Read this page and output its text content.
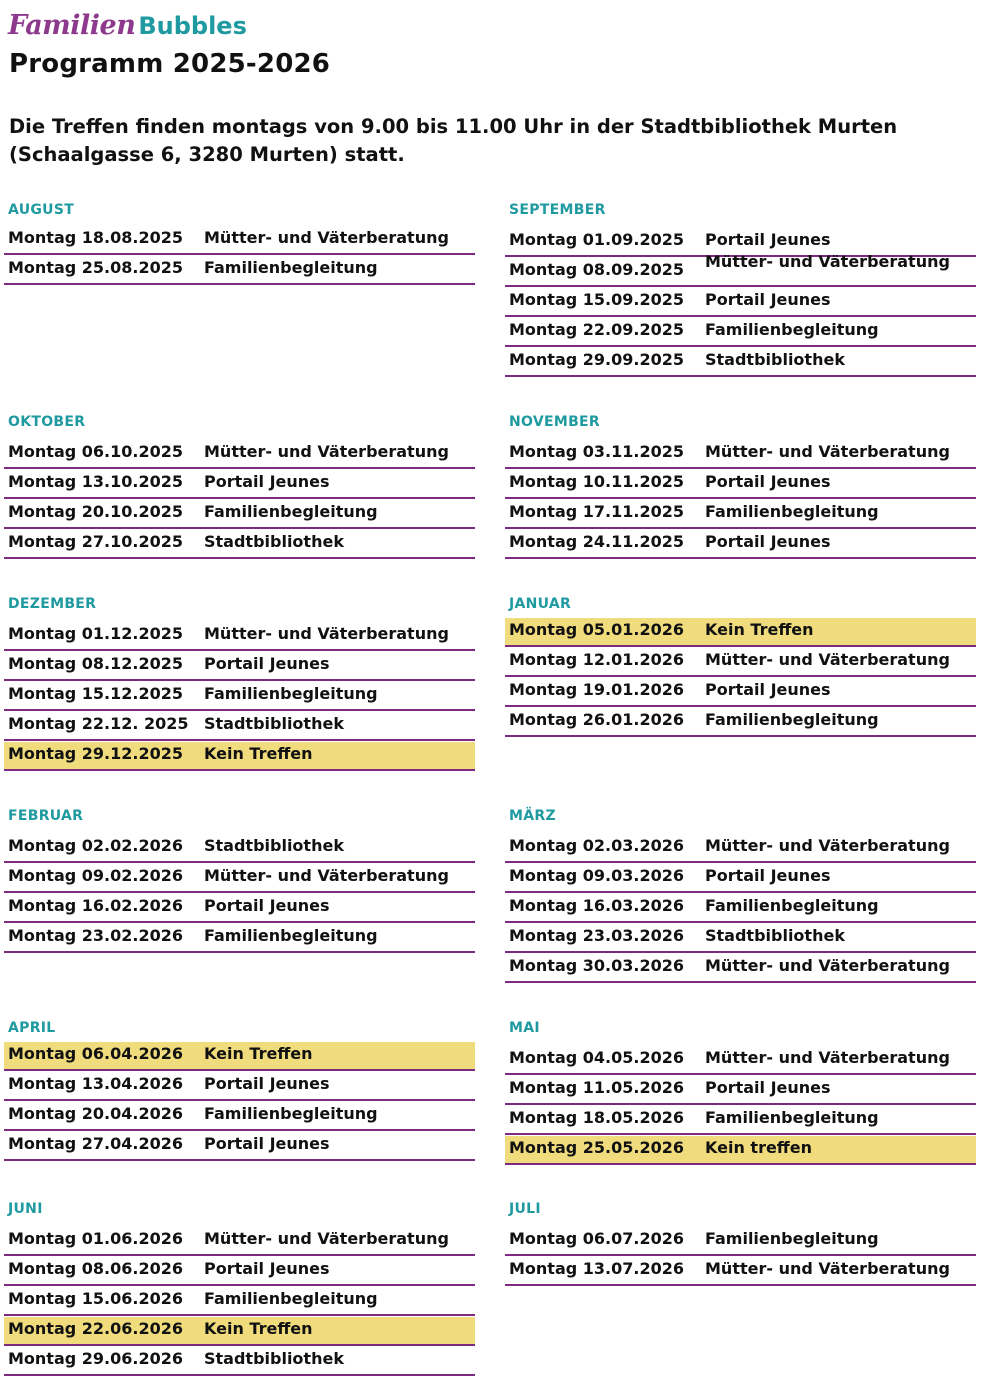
Familien Bubbles
Programm 2025-2026

Die Treffen finden montags von 9.00 bis 11.00 Uhr in der Stadtbibliothek Murten (Schaalgasse 6, 3280 Murten) statt.

AUGUST
Montag 18.08.2025 Mütter- und Väterberatung
Montag 25.08.2025 Familienbegleitung
SEPTEMBER
Montag 01.09.2025 Portail Jeunes
Montag 08.09.2025 Mütter- und Väterberatung
Montag 15.09.2025 Portail Jeunes
Montag 22.09.2025 Familienbegleitung
Montag 29.09.2025 Stadtbibliothek
OKTOBER
Montag 06.10.2025 Mütter- und Väterberatung
Montag 13.10.2025 Portail Jeunes
Montag 20.10.2025 Familienbegleitung
Montag 27.10.2025 Stadtbibliothek
NOVEMBER
Montag 03.11.2025 Mütter- und Väterberatung
Montag 10.11.2025 Portail Jeunes
Montag 17.11.2025 Familienbegleitung
Montag 24.11.2025 Portail Jeunes
DEZEMBER
Montag 01.12.2025 Mütter- und Väterberatung
Montag 08.12.2025 Portail Jeunes
Montag 15.12.2025 Familienbegleitung
Montag 22.12. 2025 Stadtbibliothek
Montag 29.12.2025 Kein Treffen
JANUAR
Montag 05.01.2026 Kein Treffen
Montag 12.01.2026 Mütter- und Väterberatung
Montag 19.01.2026 Portail Jeunes
Montag 26.01.2026 Familienbegleitung
FEBRUAR
Montag 02.02.2026 Stadtbibliothek
Montag 09.02.2026 Mütter- und Väterberatung
Montag 16.02.2026 Portail Jeunes
Montag 23.02.2026 Familienbegleitung
MÄRZ
Montag 02.03.2026 Mütter- und Väterberatung
Montag 09.03.2026 Portail Jeunes
Montag 16.03.2026 Familienbegleitung
Montag 23.03.2026 Stadtbibliothek
Montag 30.03.2026 Mütter- und Väterberatung
APRIL
Montag 06.04.2026 Kein Treffen
Montag 13.04.2026 Portail Jeunes
Montag 20.04.2026 Familienbegleitung
Montag 27.04.2026 Portail Jeunes
MAI
Montag 04.05.2026 Mütter- und Väterberatung
Montag 11.05.2026 Portail Jeunes
Montag 18.05.2026 Familienbegleitung
Montag 25.05.2026 Kein treffen
JUNI
Montag 01.06.2026 Mütter- und Väterberatung
Montag 08.06.2026 Portail Jeunes
Montag 15.06.2026 Familienbegleitung
Montag 22.06.2026 Kein Treffen
Montag 29.06.2026 Stadtbibliothek
JULI
Montag 06.07.2026 Familienbegleitung
Montag 13.07.2026 Mütter- und Väterberatung
